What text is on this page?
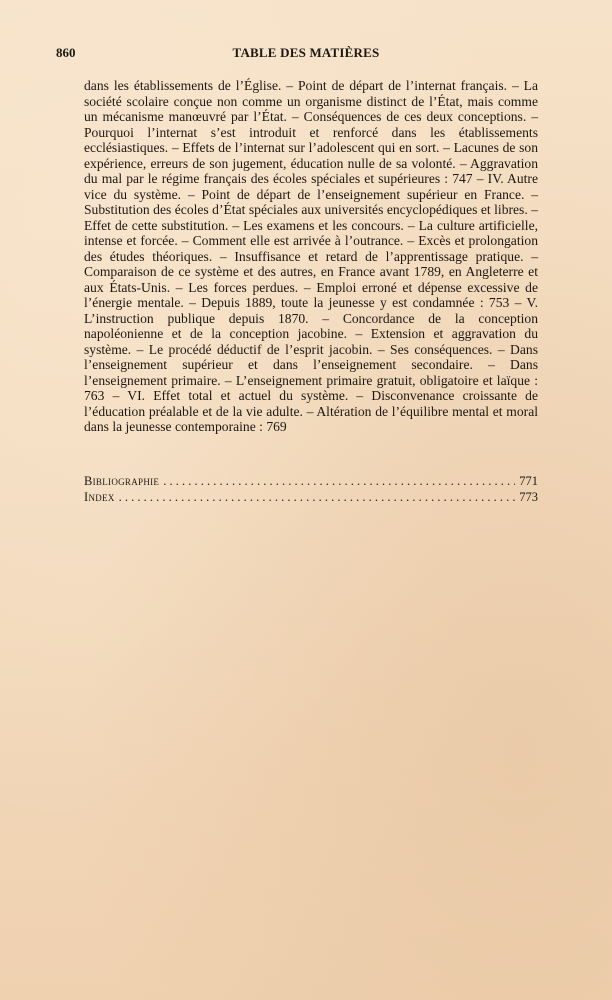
860	TABLE DES MATIÈRES

dans les établissements de l’Église. – Point de départ de l’internat français. – La société scolaire conçue non comme un organisme distinct de l’État, mais comme un mécanisme manœuvré par l’État. – Conséquences de ces deux conceptions. – Pourquoi l’internat s’est introduit et renforcé dans les établissements ecclésiastiques. – Effets de l’internat sur l’adolescent qui en sort. – Lacunes de son expérience, erreurs de son jugement, éducation nulle de sa volonté. – Aggravation du mal par le régime français des écoles spéciales et supérieures : 747 – IV. Autre vice du système. – Point de départ de l’enseignement supérieur en France. – Substitution des écoles d’État spéciales aux universités encyclopédiques et libres. – Effet de cette substitution. – Les examens et les concours. – La culture artificielle, intense et forcée. – Comment elle est arrivée à l’outrance. – Excès et prolongation des études théoriques. – Insuffisance et retard de l’apprentissage pratique. – Comparaison de ce système et des autres, en France avant 1789, en Angleterre et aux États-Unis. – Les forces perdues. – Emploi erroné et dépense excessive de l’énergie mentale. – Depuis 1889, toute la jeunesse y est condamnée : 753 – V. L’instruction publique depuis 1870. – Concordance de la conception napoléonienne et de la conception jacobine. – Extension et aggravation du système. – Le procédé déductif de l’esprit jacobin. – Ses conséquences. – Dans l’enseignement supérieur et dans l’enseignement secondaire. – Dans l’enseignement primaire. – L’enseignement primaire gratuit, obligatoire et laïque : 763 – VI. Effet total et actuel du système. – Disconvenance croissante de l’éducation préalable et de la vie adulte. – Altération de l’équilibre mental et moral dans la jeunesse contemporaine : 769

Bibliographie . . .	771
Index . . .	773
